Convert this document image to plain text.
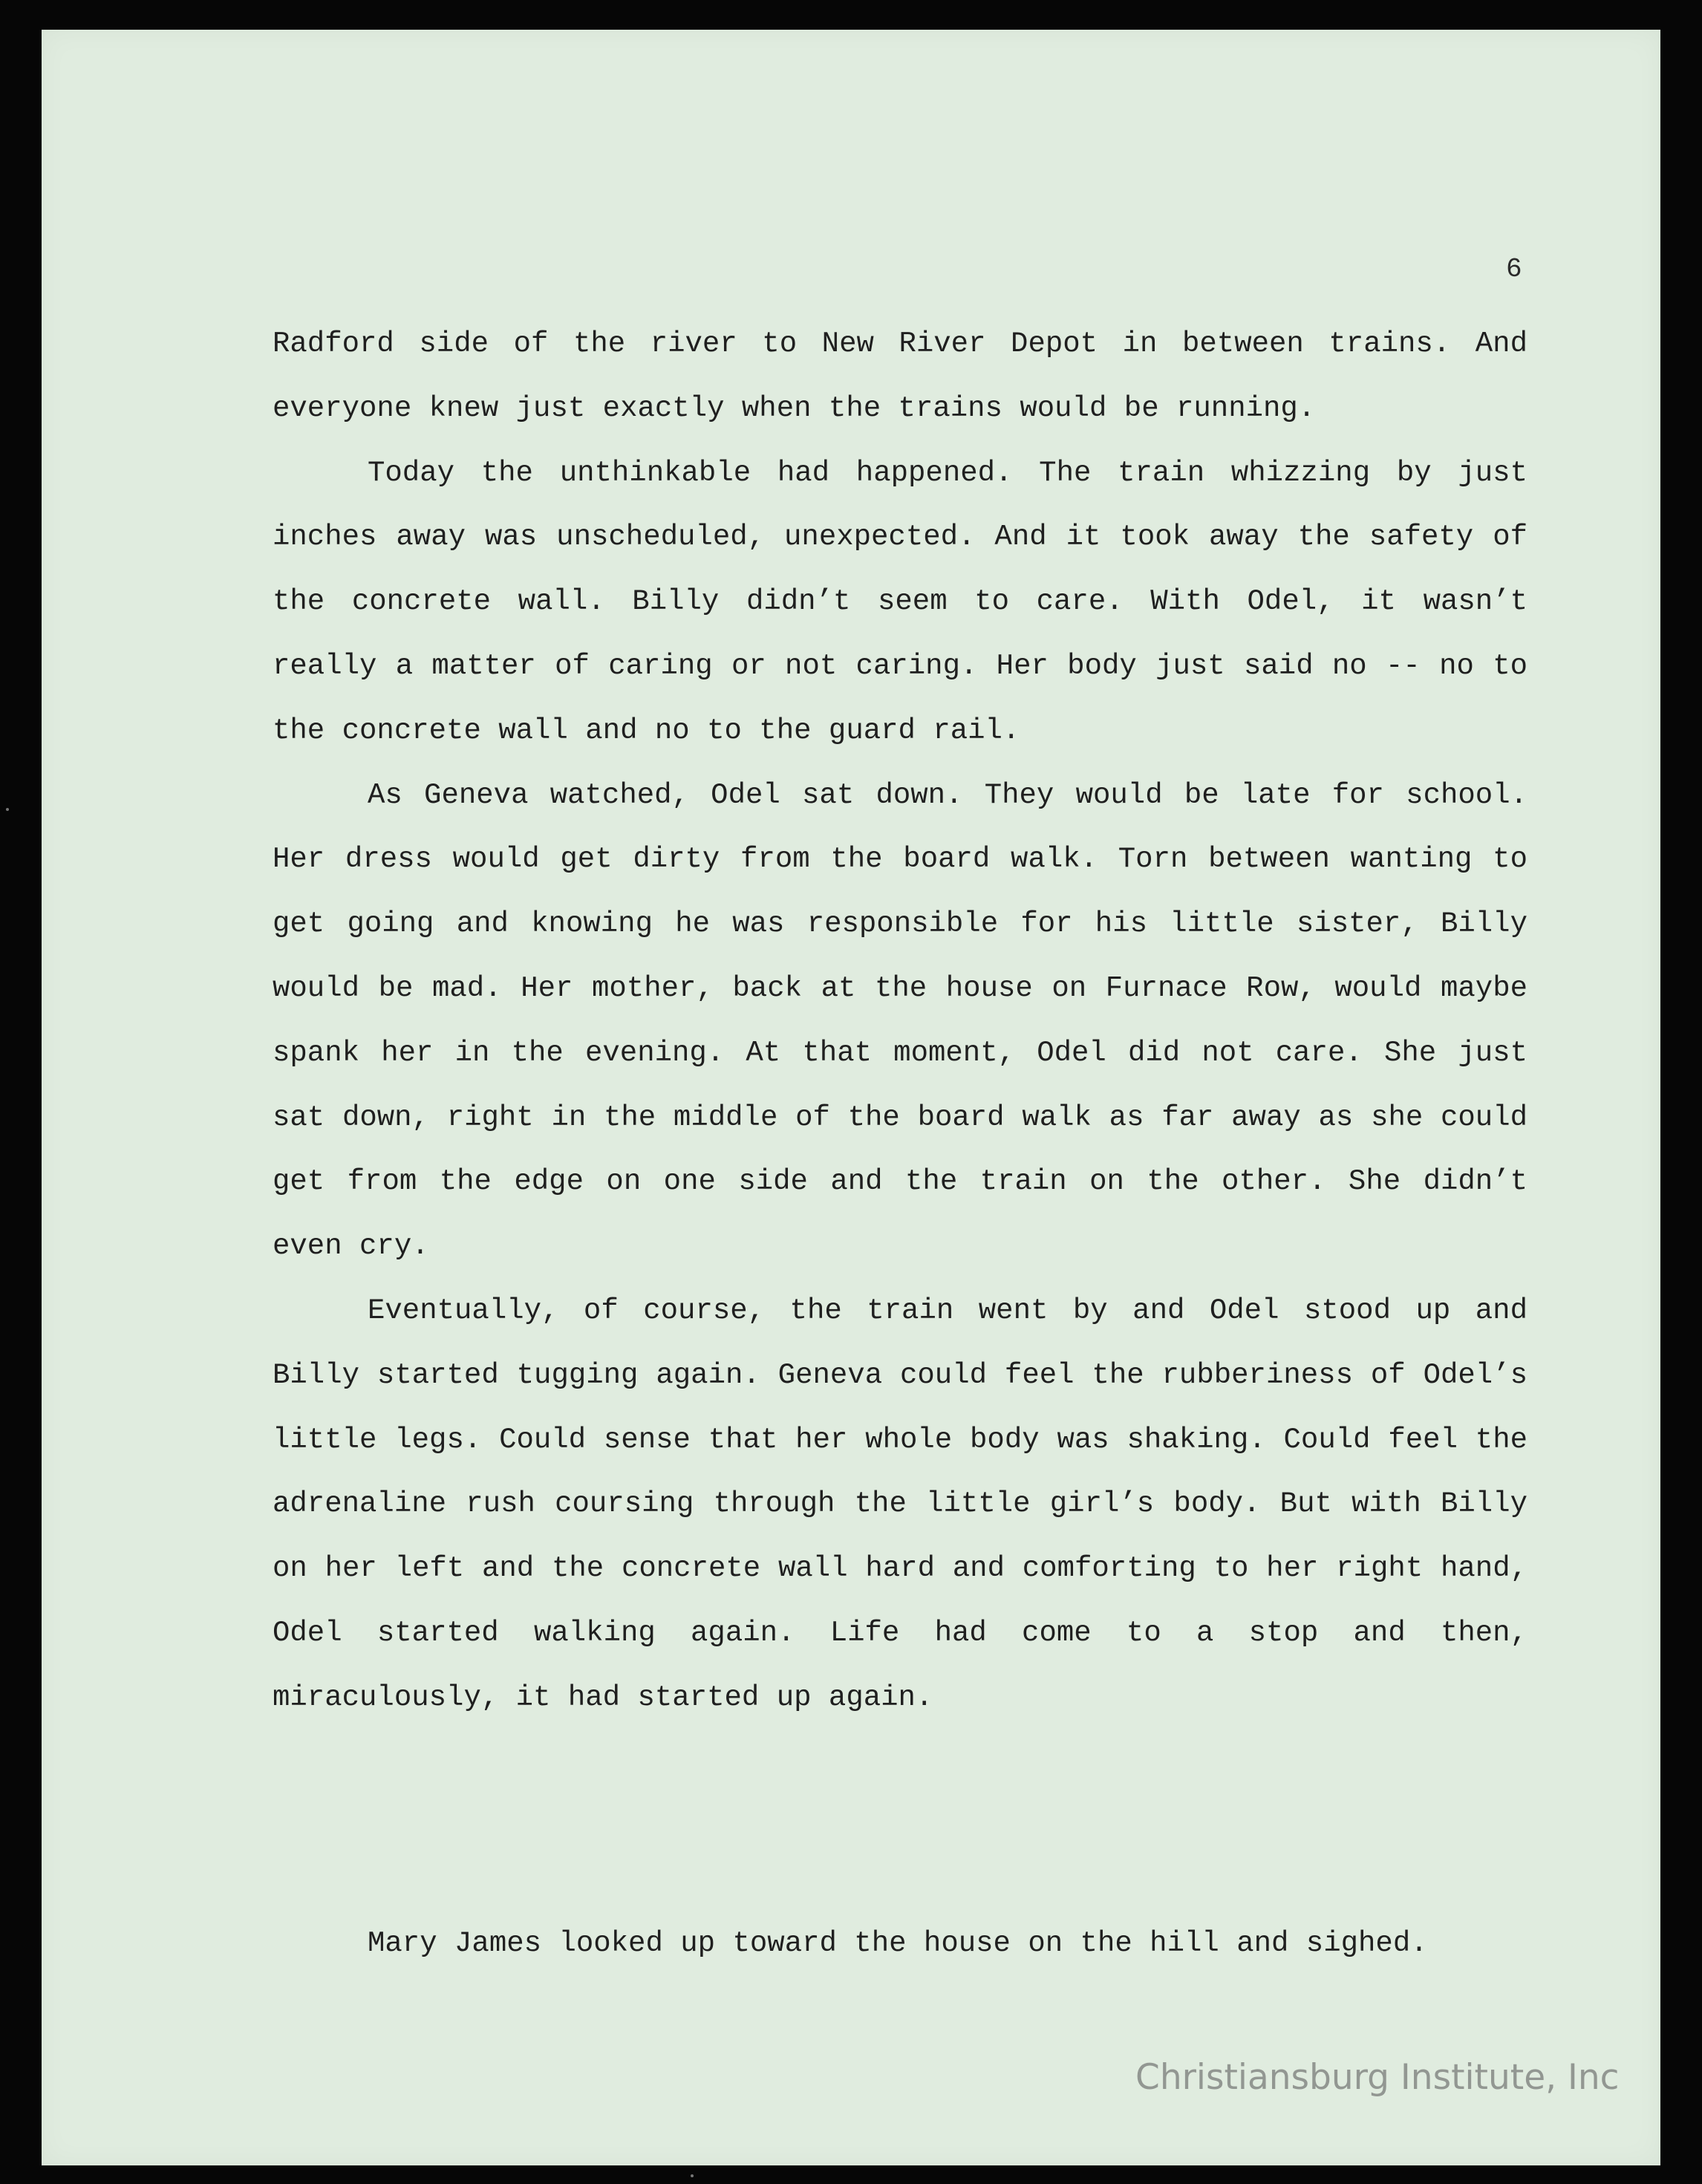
6

Radford side of the river to New River Depot in between trains. And everyone knew just exactly when the trains would be running.

Today the unthinkable had happened. The train whizzing by just inches away was unscheduled, unexpected. And it took away the safety of the concrete wall. Billy didn’t seem to care. With Odel, it wasn’t really a matter of caring or not caring. Her body just said no -- no to the concrete wall and no to the guard rail.

As Geneva watched, Odel sat down. They would be late for school. Her dress would get dirty from the board walk. Torn between wanting to get going and knowing he was responsible for his little sister, Billy would be mad. Her mother, back at the house on Furnace Row, would maybe spank her in the evening. At that moment, Odel did not care. She just sat down, right in the middle of the board walk as far away as she could get from the edge on one side and the train on the other. She didn’t even cry.

Eventually, of course, the train went by and Odel stood up and Billy started tugging again. Geneva could feel the rubberiness of Odel’s little legs. Could sense that her whole body was shaking. Could feel the adrenaline rush coursing through the little girl’s body. But with Billy on her left and the concrete wall hard and comforting to her right hand, Odel started walking again. Life had come to a stop and then, miraculously, it had started up again.

Mary James looked up toward the house on the hill and sighed.

Christiansburg Institute, Inc
